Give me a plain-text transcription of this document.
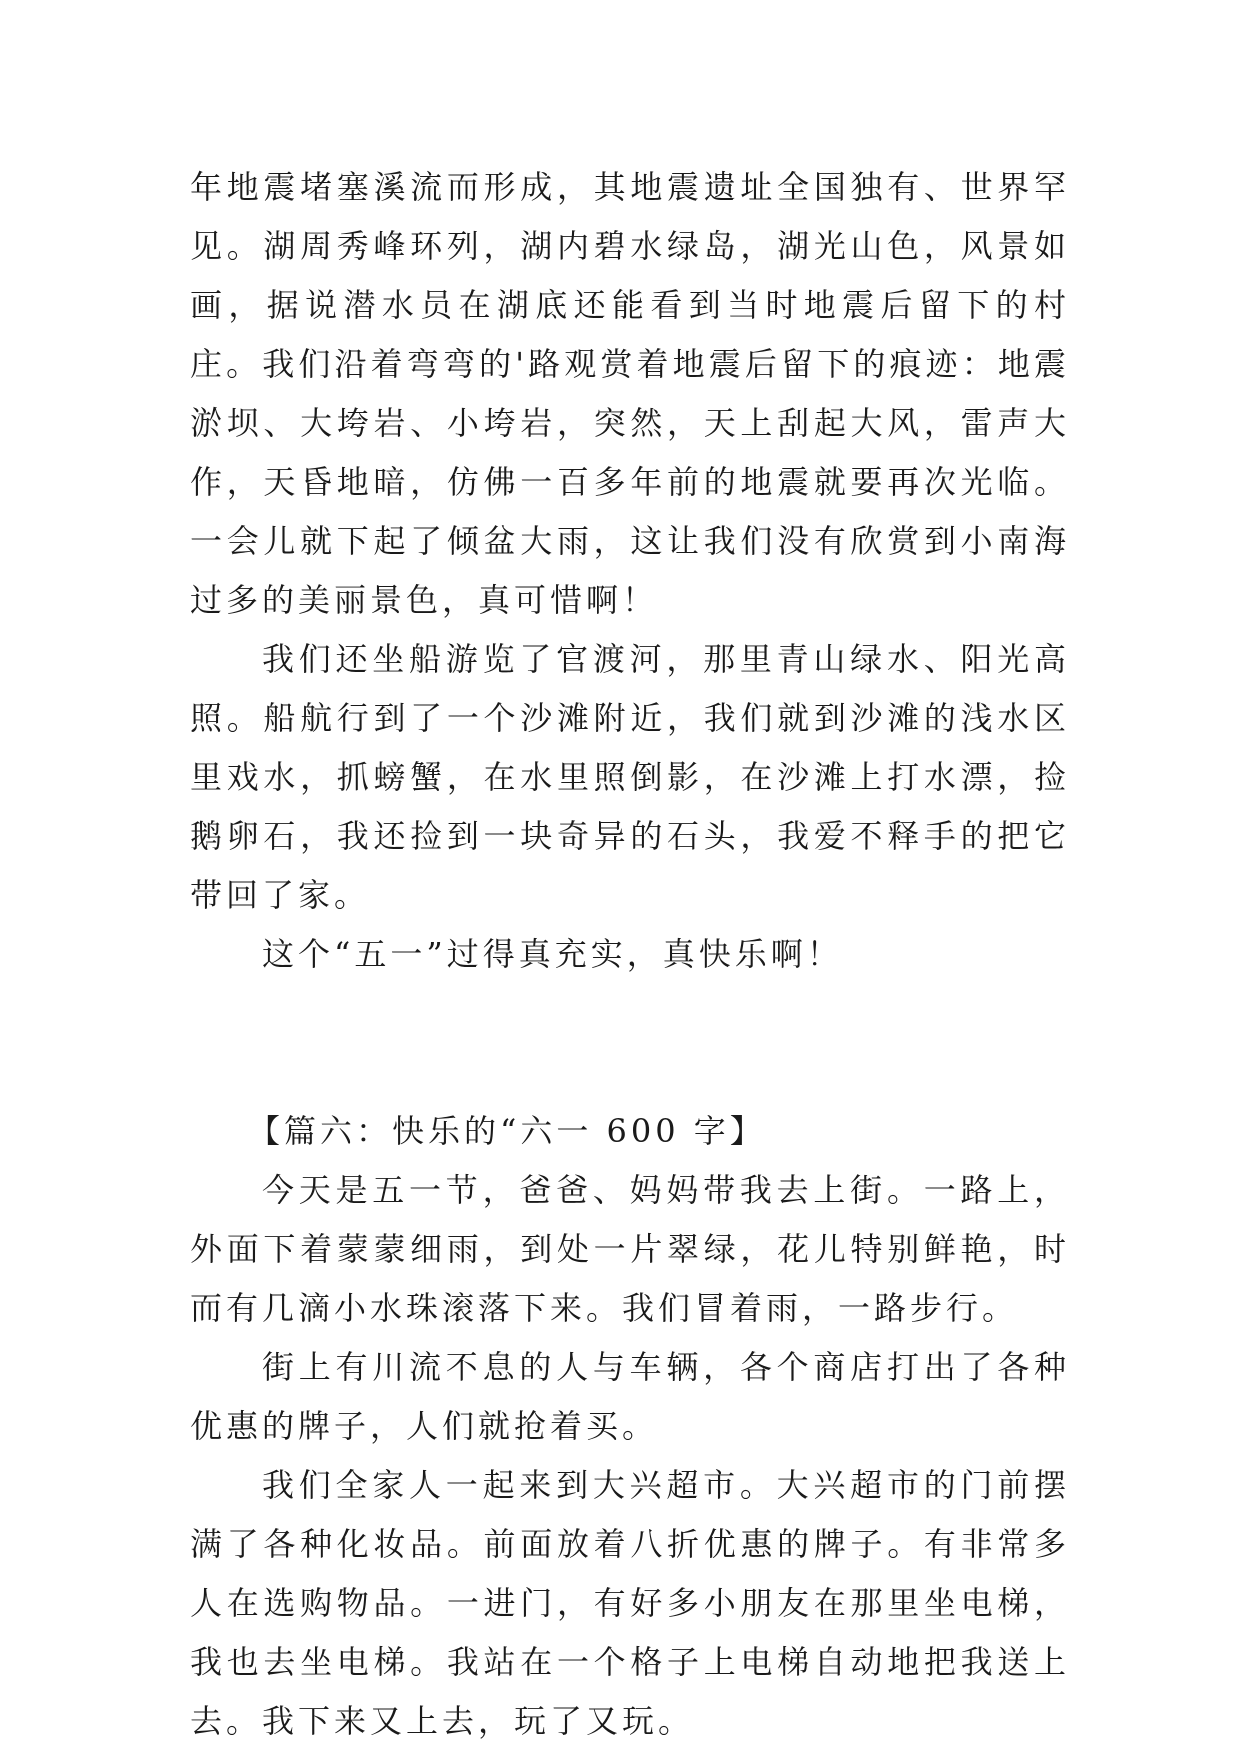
年地震堵塞溪流而形成，其地震遗址全国独有、世界罕见。湖周秀峰环列，湖内碧水绿岛，湖光山色，风景如画，据说潜水员在湖底还能看到当时地震后留下的村庄。我们沿着弯弯的'路观赏着地震后留下的痕迹：地震淤坝、大垮岩、小垮岩，突然，天上刮起大风，雷声大作，天昏地暗，仿佛一百多年前的地震就要再次光临。一会儿就下起了倾盆大雨，这让我们没有欣赏到小南海过多的美丽景色，真可惜啊！

我们还坐船游览了官渡河，那里青山绿水、阳光高照。船航行到了一个沙滩附近，我们就到沙滩的浅水区里戏水，抓螃蟹，在水里照倒影，在沙滩上打水漂，捡鹅卵石，我还捡到一块奇异的石头，我爱不释手的把它带回了家。

这个“五一”过得真充实，真快乐啊！

【篇六：快乐的“六一 600 字】

今天是五一节，爸爸、妈妈带我去上街。一路上，外面下着蒙蒙细雨，到处一片翠绿，花儿特别鲜艳，时而有几滴小水珠滚落下来。我们冒着雨，一路步行。

街上有川流不息的人与车辆，各个商店打出了各种优惠的牌子，人们就抢着买。

我们全家人一起来到大兴超市。大兴超市的门前摆满了各种化妆品。前面放着八折优惠的牌子。有非常多人在选购物品。一进门，有好多小朋友在那里坐电梯，我也去坐电梯。我站在一个格子上电梯自动地把我送上去。我下来又上去，玩了又玩。
